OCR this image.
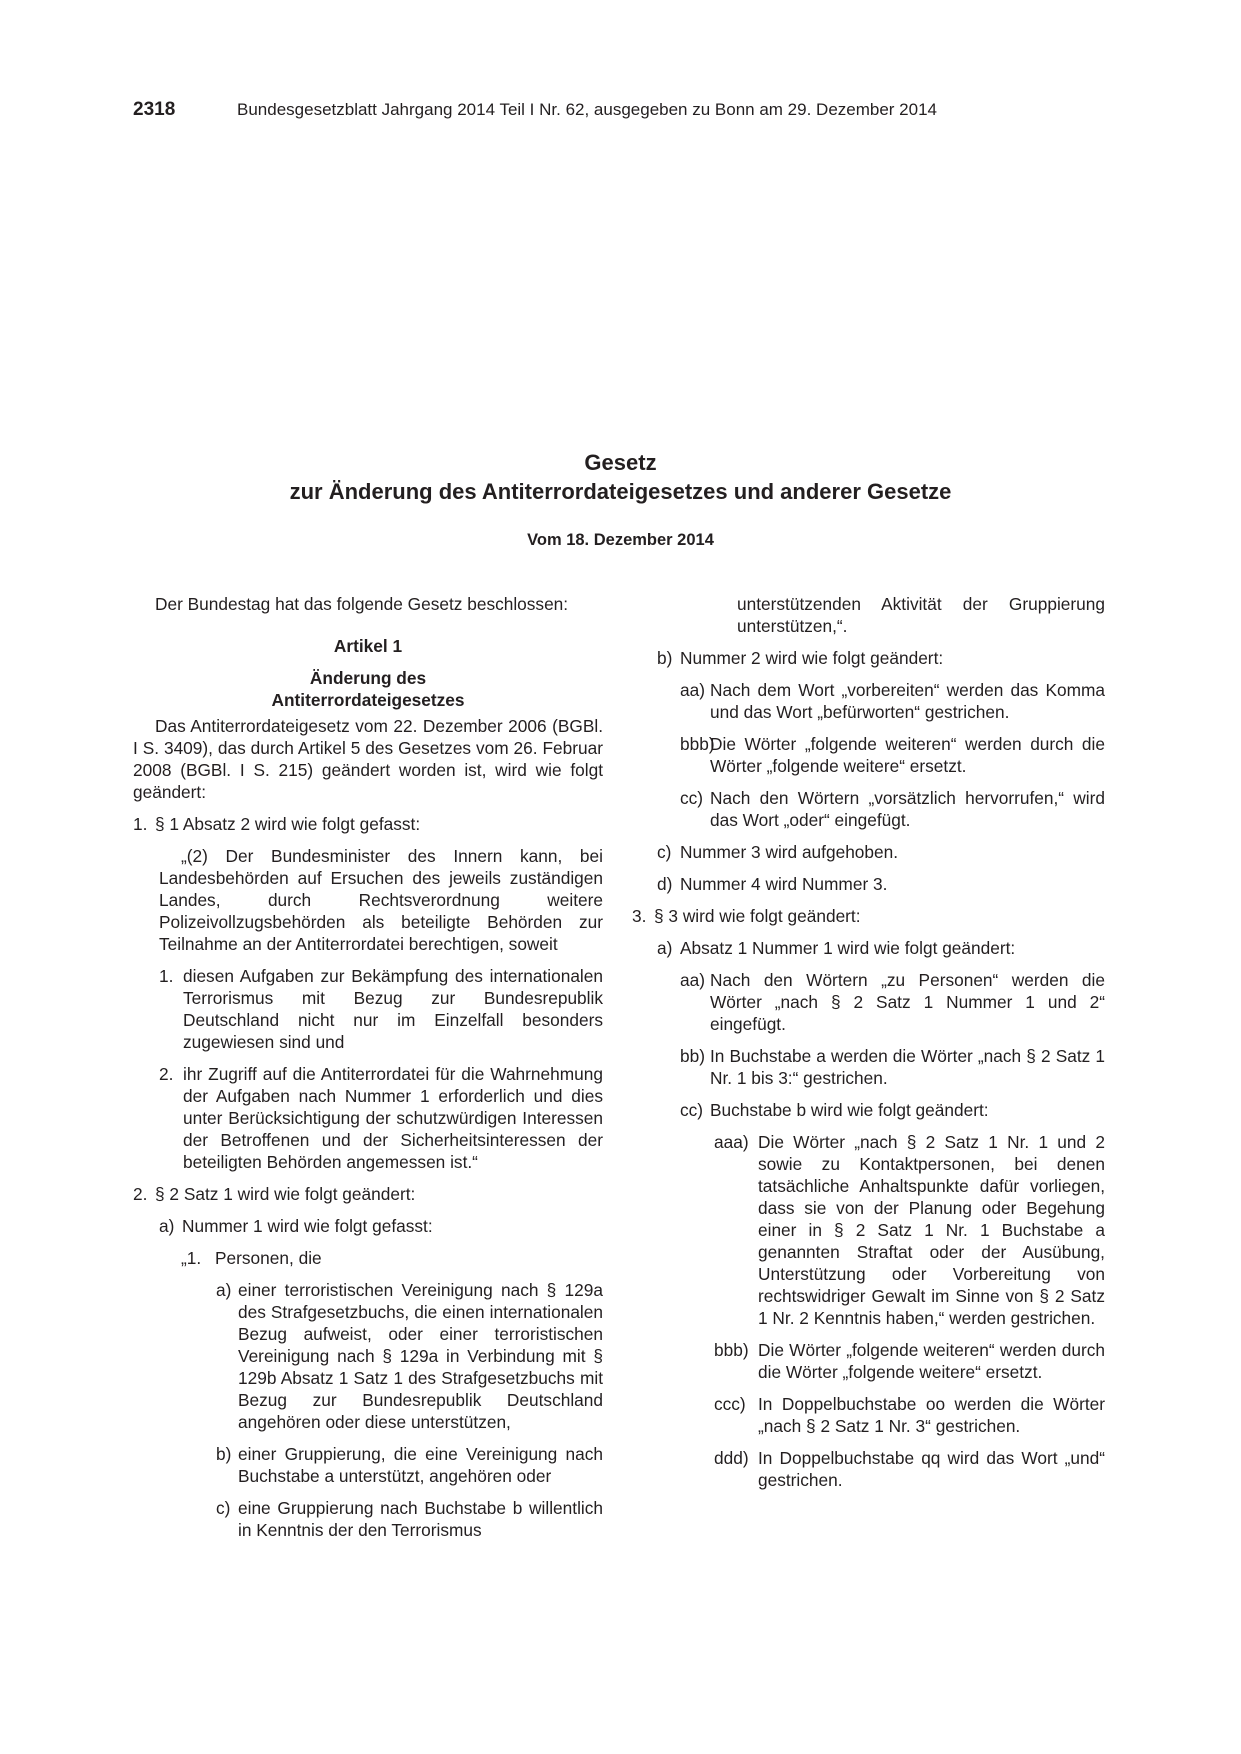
2318	Bundesgesetzblatt Jahrgang 2014 Teil I Nr. 62, ausgegeben zu Bonn am 29. Dezember 2014
Gesetz
zur Änderung des Antiterrordateigesetzes und anderer Gesetze
Vom 18. Dezember 2014

Der Bundestag hat das folgende Gesetz beschlossen:

Artikel 1

Änderung des

Antiterrordateigesetzes

Das Antiterrordateigesetz vom 22. Dezember 2006 (BGBl. I S. 3409), das durch Artikel 5 des Gesetzes vom 26. Februar 2008 (BGBl. I S. 215) geändert worden ist, wird wie folgt geändert:

1. § 1 Absatz 2 wird wie folgt gefasst:

„(2) Der Bundesminister des Innern kann, bei Landesbehörden auf Ersuchen des jeweils zuständigen Landes, durch Rechtsverordnung weitere Polizeivollzugsbehörden als beteiligte Behörden zur Teilnahme an der Antiterrordatei berechtigen, soweit

1. diesen Aufgaben zur Bekämpfung des internationalen Terrorismus mit Bezug zur Bundesrepublik Deutschland nicht nur im Einzelfall besonders zugewiesen sind und
2. ihr Zugriff auf die Antiterrordatei für die Wahrnehmung der Aufgaben nach Nummer 1 erforderlich und dies unter Berücksichtigung der schutzwürdigen Interessen der Betroffenen und der Sicherheitsinteressen der beteiligten Behörden angemessen ist.“
2. § 2 Satz 1 wird wie folgt geändert:
a) Nummer 1 wird wie folgt gefasst:
„1. Personen, die
a) einer terroristischen Vereinigung nach § 129a des Strafgesetzbuchs, die einen internationalen Bezug aufweist, oder einer terroristischen Vereinigung nach § 129a in Verbindung mit § 129b Absatz 1 Satz 1 des Strafgesetzbuchs mit Bezug zur Bundesrepublik Deutschland angehören oder diese unterstützen,
b) einer Gruppierung, die eine Vereinigung nach Buchstabe a unterstützt, angehören oder
c) eine Gruppierung nach Buchstabe b willentlich in Kenntnis der den Terrorismus

unterstützenden Aktivität der Gruppierung unterstützen,“.

b) Nummer 2 wird wie folgt geändert:
aa) Nach dem Wort „vorbereiten“ werden das Komma und das Wort „befürworten“ gestrichen.
bbb)
Die Wörter „folgende weiteren“ werden durch die Wörter „folgende weitere“ ersetzt.
cc) Nach den Wörtern „vorsätzlich hervorrufen,“ wird das Wort „oder“ eingefügt.
c) Nummer 3 wird aufgehoben.
d) Nummer 4 wird Nummer 3.
3. § 3 wird wie folgt geändert:
a) Absatz 1 Nummer 1 wird wie folgt geändert:
aa) Nach den Wörtern „zu Personen“ werden die Wörter „nach § 2 Satz 1 Nummer 1 und 2“ eingefügt.
bb) In Buchstabe a werden die Wörter „nach § 2 Satz 1 Nr. 1 bis 3:“ gestrichen.
cc) Buchstabe b wird wie folgt geändert:
aaa) Die Wörter „nach § 2 Satz 1 Nr. 1 und 2 sowie zu Kontaktpersonen, bei denen tatsächliche Anhaltspunkte dafür vorliegen, dass sie von der Planung oder Begehung einer in § 2 Satz 1 Nr. 1 Buchstabe a genannten Straftat oder der Ausübung, Unterstützung oder Vorbereitung von rechtswidriger Gewalt im Sinne von § 2 Satz 1 Nr. 2 Kenntnis haben,“ werden gestrichen.
bbb) Die Wörter „folgende weiteren“ werden durch die Wörter „folgende weitere“ ersetzt.
ccc) In Doppelbuchstabe oo werden die Wörter „nach § 2 Satz 1 Nr. 3“ gestrichen.
ddd) In Doppelbuchstabe qq wird das Wort „und“ gestrichen.
